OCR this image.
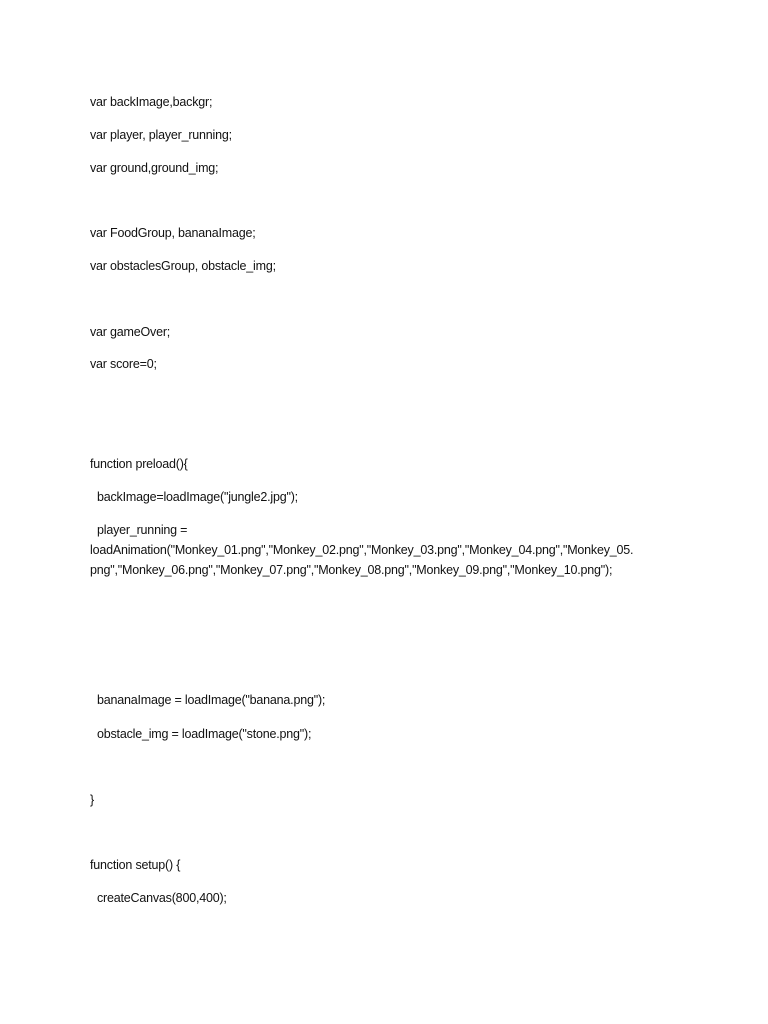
var backImage,backgr;
var player, player_running;
var ground,ground_img;
var FoodGroup, bananaImage;
var obstaclesGroup, obstacle_img;
var gameOver;
var score=0;
function preload(){
backImage=loadImage("jungle2.jpg");
player_running =
loadAnimation("Monkey_01.png","Monkey_02.png","Monkey_03.png","Monkey_04.png","Monkey_05.
png","Monkey_06.png","Monkey_07.png","Monkey_08.png","Monkey_09.png","Monkey_10.png");
bananaImage = loadImage("banana.png");
obstacle_img = loadImage("stone.png");
}
function setup() {
createCanvas(800,400);
